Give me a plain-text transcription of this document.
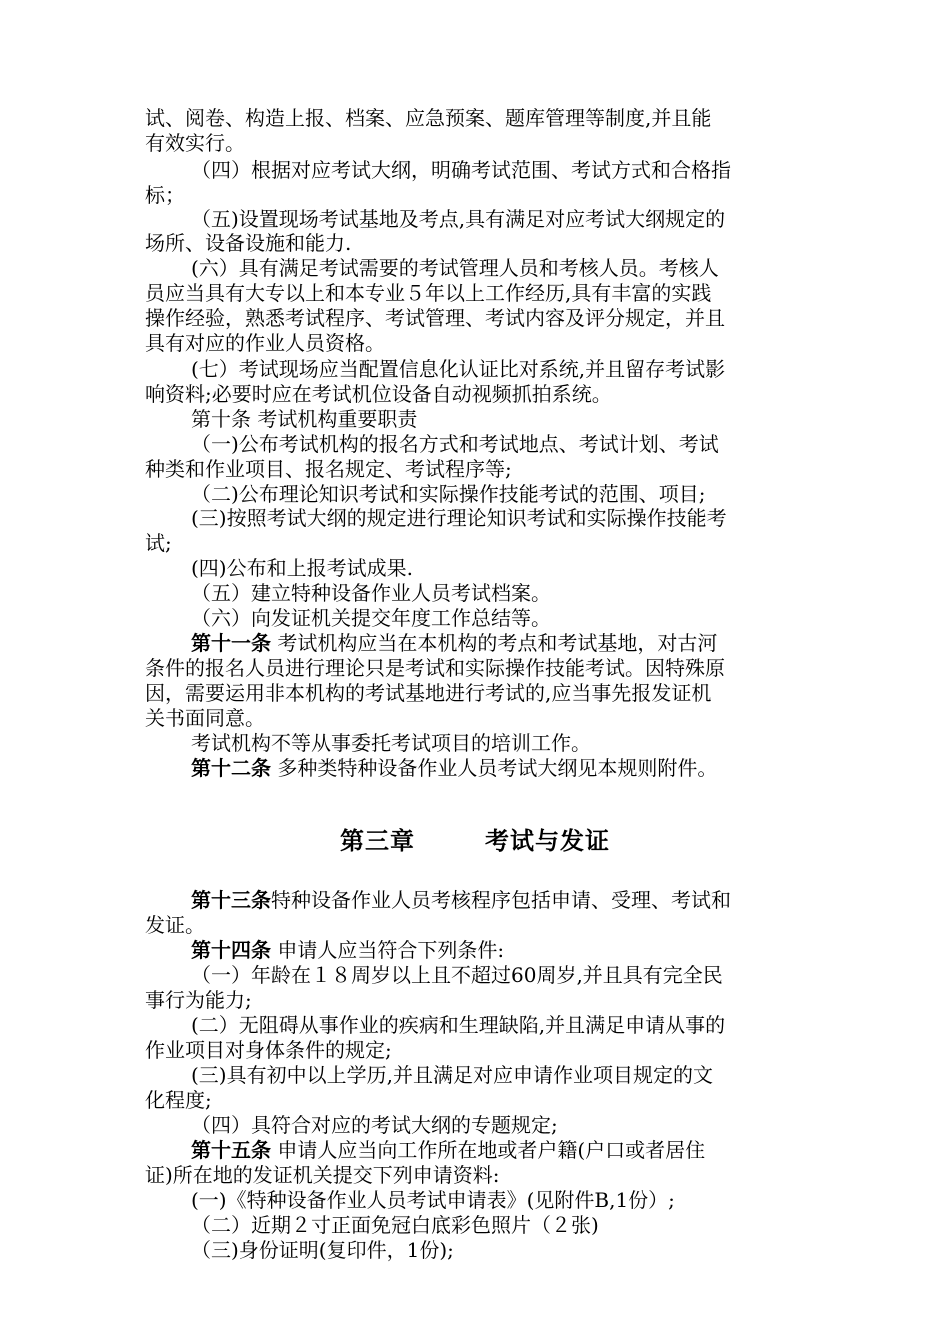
试、阅卷、构造上报、档案、应急预案、题库管理等制度,并且能
有效实行。
（四）根据对应考试大纲，明确考试范围、考试方式和合格指
标；
（五)设置现场考试基地及考点,具有满足对应考试大纲规定的
场所、设备设施和能力.
(六）具有满足考试需要的考试管理人员和考核人员。考核人
员应当具有大专以上和本专业５年以上工作经历,具有丰富的实践
操作经验，熟悉考试程序、考试管理、考试内容及评分规定，并且
具有对应的作业人员资格。
(七）考试现场应当配置信息化认证比对系统,并且留存考试影
响资料;必要时应在考试机位设备自动视频抓拍系统。
第十条 考试机构重要职责
（一)公布考试机构的报名方式和考试地点、考试计划、考试
种类和作业项目、报名规定、考试程序等;
（二)公布理论知识考试和实际操作技能考试的范围、项目;
(三)按照考试大纲的规定进行理论知识考试和实际操作技能考
试;
(四)公布和上报考试成果.
（五）建立特种设备作业人员考试档案。
（六）向发证机关提交年度工作总结等。
第十一条 考试机构应当在本机构的考点和考试基地，对古河
条件的报名人员进行理论只是考试和实际操作技能考试。因特殊原
因，需要运用非本机构的考试基地进行考试的,应当事先报发证机
关书面同意。
考试机构不等从事委托考试项目的培训工作。
第十二条 多种类特种设备作业人员考试大纲见本规则附件。
第三章	考试与发证
第十三条特种设备作业人员考核程序包括申请、受理、考试和
发证。
第十四条 申请人应当符合下列条件:
（一）年龄在１８周岁以上且不超过60周岁,并且具有完全民
事行为能力;
(二）无阻碍从事作业的疾病和生理缺陷,并且满足申请从事的
作业项目对身体条件的规定;
(三)具有初中以上学历,并且满足对应申请作业项目规定的文
化程度;
（四）具符合对应的考试大纲的专题规定;
第十五条 申请人应当向工作所在地或者户籍(户口或者居住
证)所在地的发证机关提交下列申请资料:
(一)《特种设备作业人员考试申请表》(见附件B,1份）;
（二）近期２寸正面免冠白底彩色照片（２张)
（三)身份证明(复印件，1份);
